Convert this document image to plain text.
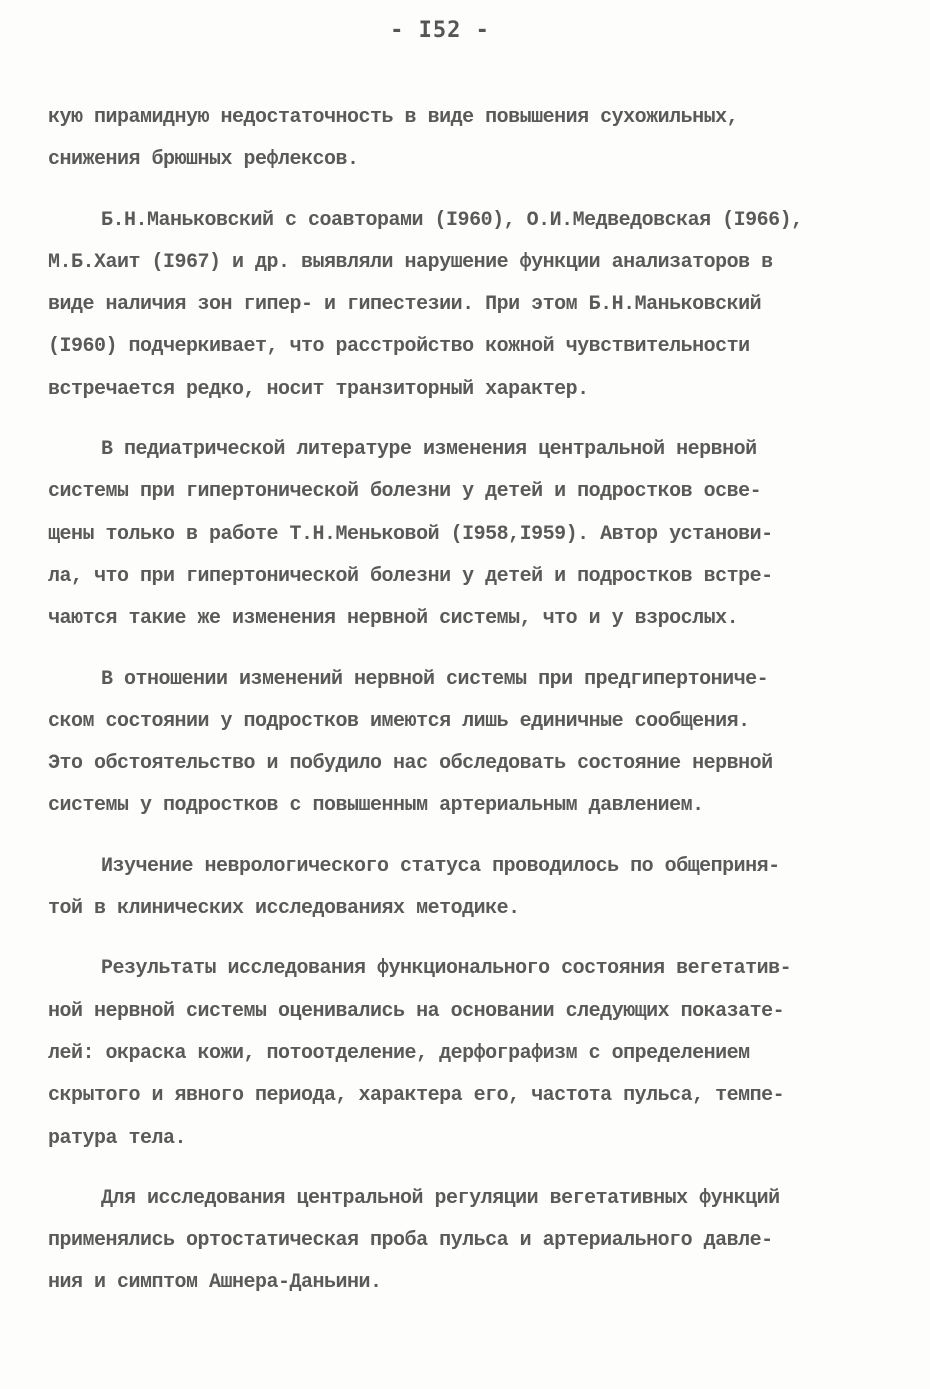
- I52 -

кую пирамидную недостаточность в виде повышения сухожильных,
снижения брюшных рефлексов.

Б.Н.Маньковский с соавторами (I960), О.И.Медведовская (I966),
М.Б.Хаит (I967) и др. выявляли нарушение функции анализаторов в
виде наличия зон гипер- и гипестезии. При этом Б.Н.Маньковский
(I960) подчеркивает, что расстройство кожной чувствительности
встречается редко, носит транзиторный характер.

В педиатрической литературе изменения центральной нервной
системы при гипертонической болезни у детей и подростков осве-
щены только в работе Т.Н.Меньковой (I958,I959). Автор установи-
ла, что при гипертонической болезни у детей и подростков встре-
чаются такие же изменения нервной системы, что и у взрослых.

В отношении изменений нервной системы при предгипертониче-
ском состоянии у подростков имеются лишь единичные сообщения.
Это обстоятельство и побудило нас обследовать состояние нервной
системы у подростков с повышенным артериальным давлением.

Изучение неврологического статуса проводилось по общеприня-
той в клинических исследованиях методике.

Результаты исследования функционального состояния вегетатив-
ной нервной системы оценивались на основании следующих показате-
лей: окраска кожи, потоотделение, дерфографизм с определением
скрытого и явного периода, характера его, частота пульса, темпе-
ратура тела.

Для исследования центральной регуляции вегетативных функций
применялись ортостатическая проба пульса и артериального давле-
ния и симптом Ашнера-Даньини.
